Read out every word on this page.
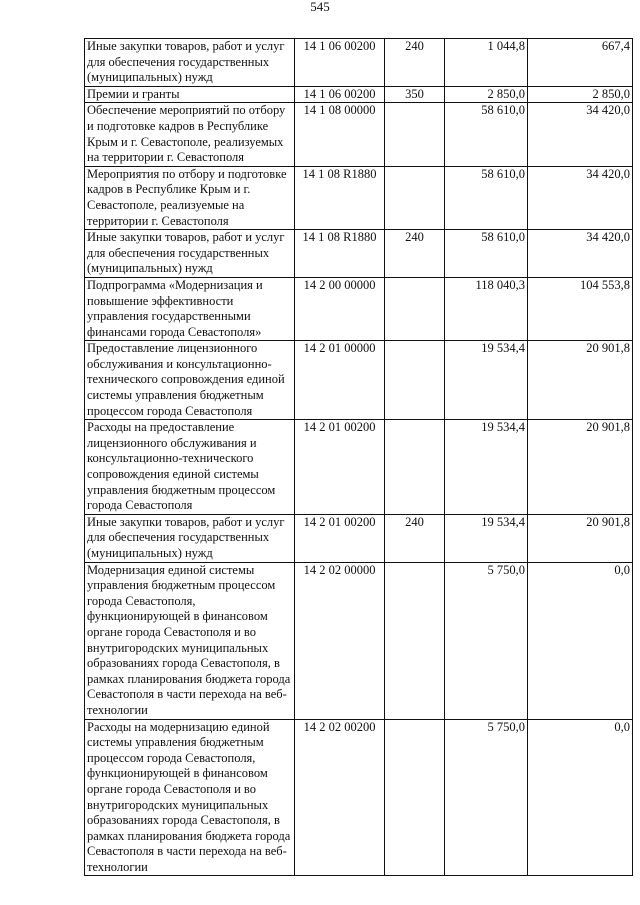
545
Иные закупки товаров, работ и услуг для обеспечения государственных (муниципальных) нужд	14 1 06 00200	240	1 044,8	667,4
Премии и гранты	14 1 06 00200	350	2 850,0	2 850,0
Обеспечение мероприятий по отбору и подготовке кадров в Республике Крым и г. Севастополе, реализуемых на территории г. Севастополя	14 1 08 00000		58 610,0	34 420,0
Мероприятия по отбору и подготовке кадров в Республике Крым и г. Севастополе, реализуемые на территории г. Севастополя	14 1 08 R1880		58 610,0	34 420,0
Иные закупки товаров, работ и услуг для обеспечения государственных (муниципальных) нужд	14 1 08 R1880	240	58 610,0	34 420,0
Подпрограмма «Модернизация и повышение эффективности управления государственными финансами города Севастополя»	14 2 00 00000		118 040,3	104 553,8
Предоставление лицензионного обслуживания и консультационно-технического сопровождения единой системы управления бюджетным процессом города Севастополя	14 2 01 00000		19 534,4	20 901,8
Расходы на предоставление лицензионного обслуживания и консультационно-технического сопровождения единой системы управления бюджетным процессом города Севастополя	14 2 01 00200		19 534,4	20 901,8
Иные закупки товаров, работ и услуг для обеспечения государственных (муниципальных) нужд	14 2 01 00200	240	19 534,4	20 901,8
Модернизация единой системы управления бюджетным процессом города Севастополя, функционирующей в финансовом органе города Севастополя и во внутригородских муниципальных образованиях города Севастополя, в рамках планирования бюджета города Севастополя в части перехода на веб-технологии	14 2 02 00000		5 750,0	0,0
Расходы на модернизацию единой системы управления бюджетным процессом города Севастополя, функционирующей в финансовом органе города Севастополя и во внутригородских муниципальных образованиях города Севастополя, в рамках планирования бюджета города Севастополя в части перехода на веб-технологии	14 2 02 00200		5 750,0	0,0
